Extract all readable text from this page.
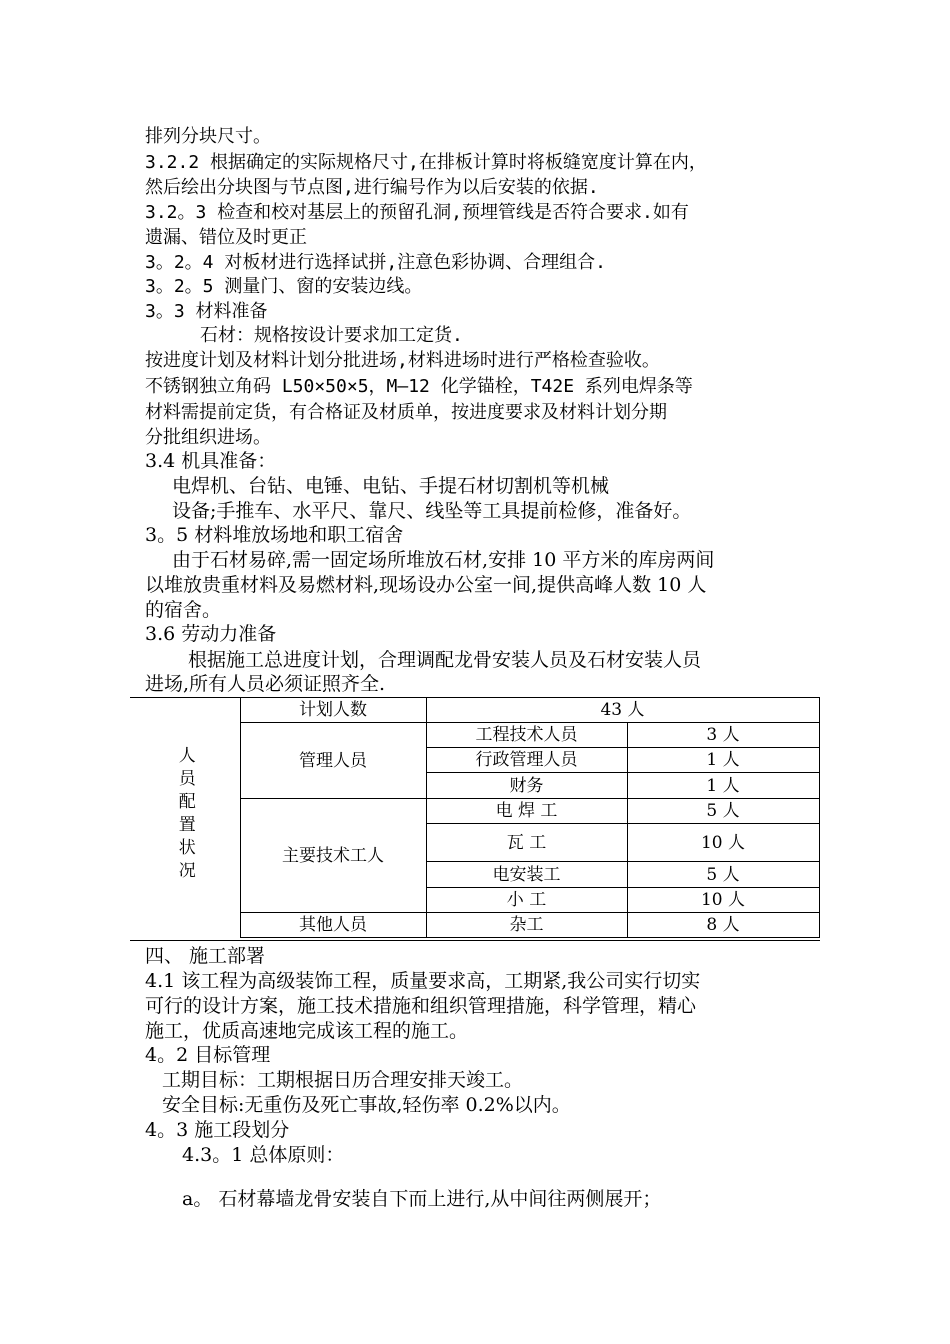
排列分块尺寸。
3.2.2 根据确定的实际规格尺寸,在排板计算时将板缝宽度计算在内，
然后绘出分块图与节点图,进行编号作为以后安装的依据.
3.2。3 检查和校对基层上的预留孔洞,预埋管线是否符合要求.如有
遗漏、错位及时更正
3。2。4 对板材进行选择试拼,注意色彩协调、合理组合.
3。2。5 测量门、窗的安装边线。
3。3 材料准备
石材：规格按设计要求加工定货.
按进度计划及材料计划分批进场,材料进场时进行严格检查验收。
不锈钢独立角码 L50×50×5，M—12 化学锚栓，T42E 系列电焊条等
材料需提前定货，有合格证及材质单，按进度要求及材料计划分期
分批组织进场。
3.4 机具准备：
电焊机、台钻、电锤、电钻、手提石材切割机等机械
设备;手推车、水平尺、靠尺、线坠等工具提前检修，准备好。
3。5 材料堆放场地和职工宿舍
由于石材易碎,需一固定场所堆放石材,安排 10 平方米的库房两间
以堆放贵重材料及易燃材料,现场设办公室一间,提供高峰人数 10 人
的宿舍。
3.6 劳动力准备
根据施工总进度计划，合理调配龙骨安装人员及石材安装人员
进场,所有人员必须证照齐全.
人员配置状况	计划人数	43 人	
	管理人员	工程技术人员	3 人
		行政管理人员	1 人
		财务	1 人
	主要技术工人	电 焊 工	5 人
		瓦 工	10 人
		电安装工	5 人
		小 工	10 人
	其他人员	杂工	8 人
四、 施工部署
4.1 该工程为高级装饰工程，质量要求高，工期紧,我公司实行切实
可行的设计方案，施工技术措施和组织管理措施，科学管理，精心
施工，优质高速地完成该工程的施工。
4。2 目标管理
工期目标：工期根据日历合理安排天竣工。
安全目标:无重伤及死亡事故,轻伤率 0.2%以内。
4。3 施工段划分
4.3。1 总体原则：
a。 石材幕墙龙骨安装自下而上进行,从中间往两侧展开；
